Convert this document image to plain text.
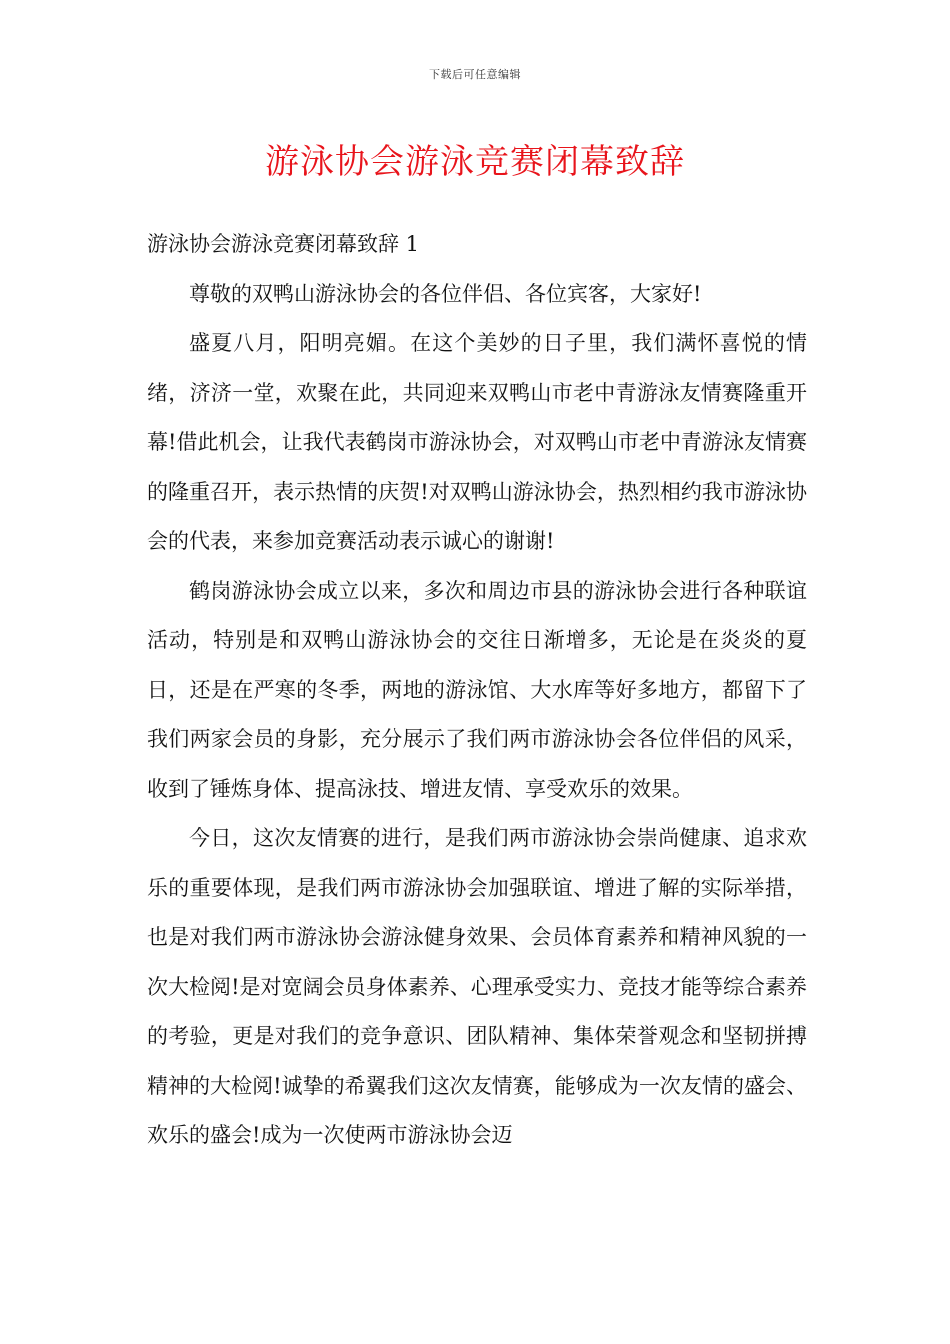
下载后可任意编辑
游泳协会游泳竞赛闭幕致辞

游泳协会游泳竞赛闭幕致辞 1

尊敬的双鸭山游泳协会的各位伴侣、各位宾客，大家好!

盛夏八月，阳明亮媚。在这个美妙的日子里，我们满怀喜悦的情绪，济济一堂，欢聚在此，共同迎来双鸭山市老中青游泳友情赛隆重开幕!借此机会，让我代表鹤岗市游泳协会，对双鸭山市老中青游泳友情赛的隆重召开，表示热情的庆贺!对双鸭山游泳协会，热烈相约我市游泳协会的代表，来参加竞赛活动表示诚心的谢谢!

鹤岗游泳协会成立以来，多次和周边市县的游泳协会进行各种联谊活动，特别是和双鸭山游泳协会的交往日渐增多，无论是在炎炎的夏日，还是在严寒的冬季，两地的游泳馆、大水库等好多地方，都留下了我们两家会员的身影，充分展示了我们两市游泳协会各位伴侣的风采，收到了锤炼身体、提高泳技、增进友情、享受欢乐的效果。

今日，这次友情赛的进行，是我们两市游泳协会崇尚健康、追求欢乐的重要体现，是我们两市游泳协会加强联谊、增进了解的实际举措，也是对我们两市游泳协会游泳健身效果、会员体育素养和精神风貌的一次大检阅!是对宽阔会员身体素养、心理承受实力、竞技才能等综合素养的考验，更是对我们的竞争意识、团队精神、集体荣誉观念和坚韧拼搏精神的大检阅!诚挚的希翼我们这次友情赛，能够成为一次友情的盛会、欢乐的盛会!成为一次使两市游泳协会迈
